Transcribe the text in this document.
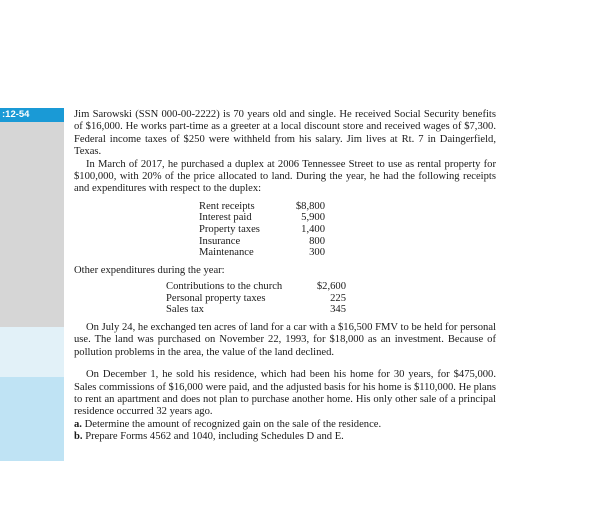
:12-54	Jim Sarowski (SSN 000-00-2222) is 70 years old and single. He received Social Security benefits of $16,000. He works part-time as a greeter at a local discount store and received wages of $7,300. Federal income taxes of $250 were withheld from his salary. Jim lives at Rt. 7 in Daingerfield, Texas.

In March of 2017, he purchased a duplex at 2006 Tennessee Street to use as rental property for $100,000, with 20% of the price allocated to land. During the year, he had the following receipts and expenditures with respect to the duplex:

Rent receipts	$8,800
Interest paid	5,900
Property taxes	1,400
Insurance	800
Maintenance	300

Other expenditures during the year:

Contributions to the church	$2,600
Personal property taxes	225
Sales tax	345

On July 24, he exchanged ten acres of land for a car with a $16,500 FMV to be held for personal use. The land was purchased on November 22, 1993, for $18,000 as an investment. Because of pollution problems in the area, the value of the land declined.

On December 1, he sold his residence, which had been his home for 30 years, for $475,000. Sales commissions of $16,000 were paid, and the adjusted basis for his home is $110,000. He plans to rent an apartment and does not plan to purchase another home. His only other sale of a principal residence occurred 32 years ago.

a. Determine the amount of recognized gain on the sale of the residence.

b. Prepare Forms 4562 and 1040, including Schedules D and E.
